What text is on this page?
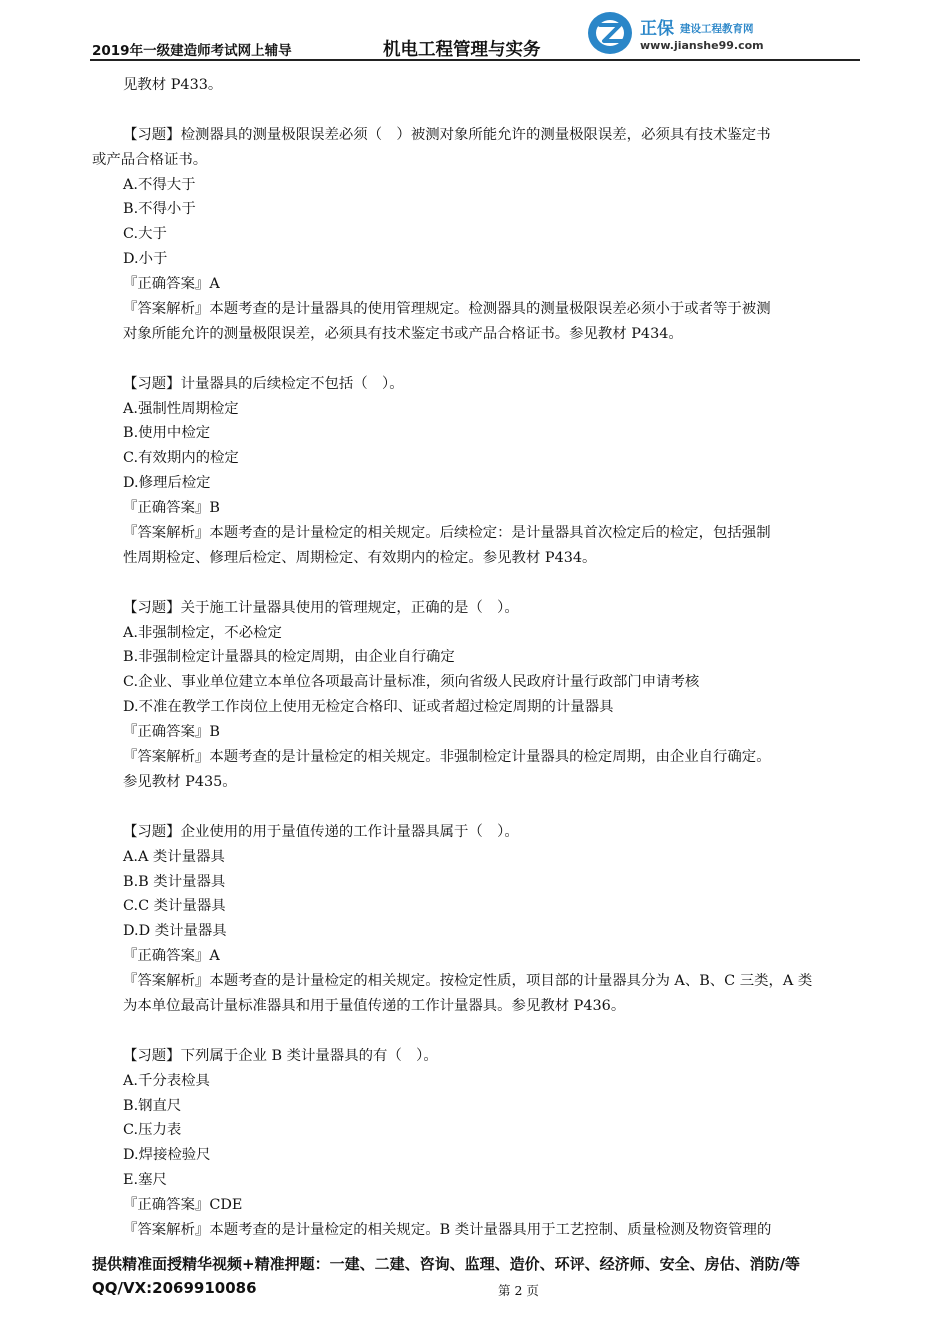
2019年一级建造师考试网上辅导	机电工程管理与实务
正保 建设工程教育网
www.jianshe99.com
见教材 P433。
【习题】检测器具的测量极限误差必须（　）被测对象所能允许的测量极限误差，必须具有技术鉴定书
或产品合格证书。
A.不得大于
B.不得小于
C.大于
D.小于
『正确答案』A
『答案解析』本题考查的是计量器具的使用管理规定。检测器具的测量极限误差必须小于或者等于被测
对象所能允许的测量极限误差，必须具有技术鉴定书或产品合格证书。参见教材 P434。
【习题】计量器具的后续检定不包括（　）。
A.强制性周期检定
B.使用中检定
C.有效期内的检定
D.修理后检定
『正确答案』B
『答案解析』本题考查的是计量检定的相关规定。后续检定：是计量器具首次检定后的检定，包括强制
性周期检定、修理后检定、周期检定、有效期内的检定。参见教材 P434。
【习题】关于施工计量器具使用的管理规定，正确的是（　）。
A.非强制检定，不必检定
B.非强制检定计量器具的检定周期，由企业自行确定
C.企业、事业单位建立本单位各项最高计量标准，须向省级人民政府计量行政部门申请考核
D.不准在教学工作岗位上使用无检定合格印、证或者超过检定周期的计量器具
『正确答案』B
『答案解析』本题考查的是计量检定的相关规定。非强制检定计量器具的检定周期，由企业自行确定。
参见教材 P435。
【习题】企业使用的用于量值传递的工作计量器具属于（　）。
A.A 类计量器具
B.B 类计量器具
C.C 类计量器具
D.D 类计量器具
『正确答案』A
『答案解析』本题考查的是计量检定的相关规定。按检定性质，项目部的计量器具分为 A、B、C 三类，A 类
为本单位最高计量标准器具和用于量值传递的工作计量器具。参见教材 P436。
【习题】下列属于企业 B 类计量器具的有（　）。
A.千分表检具
B.钢直尺
C.压力表
D.焊接检验尺
E.塞尺
『正确答案』CDE
『答案解析』本题考查的是计量检定的相关规定。B 类计量器具用于工艺控制、质量检测及物资管理的
提供精准面授精华视频+精准押题：一建、二建、咨询、监理、造价、环评、经济师、安全、房估、消防/等
QQ/VX:2069910086	第 2 页
